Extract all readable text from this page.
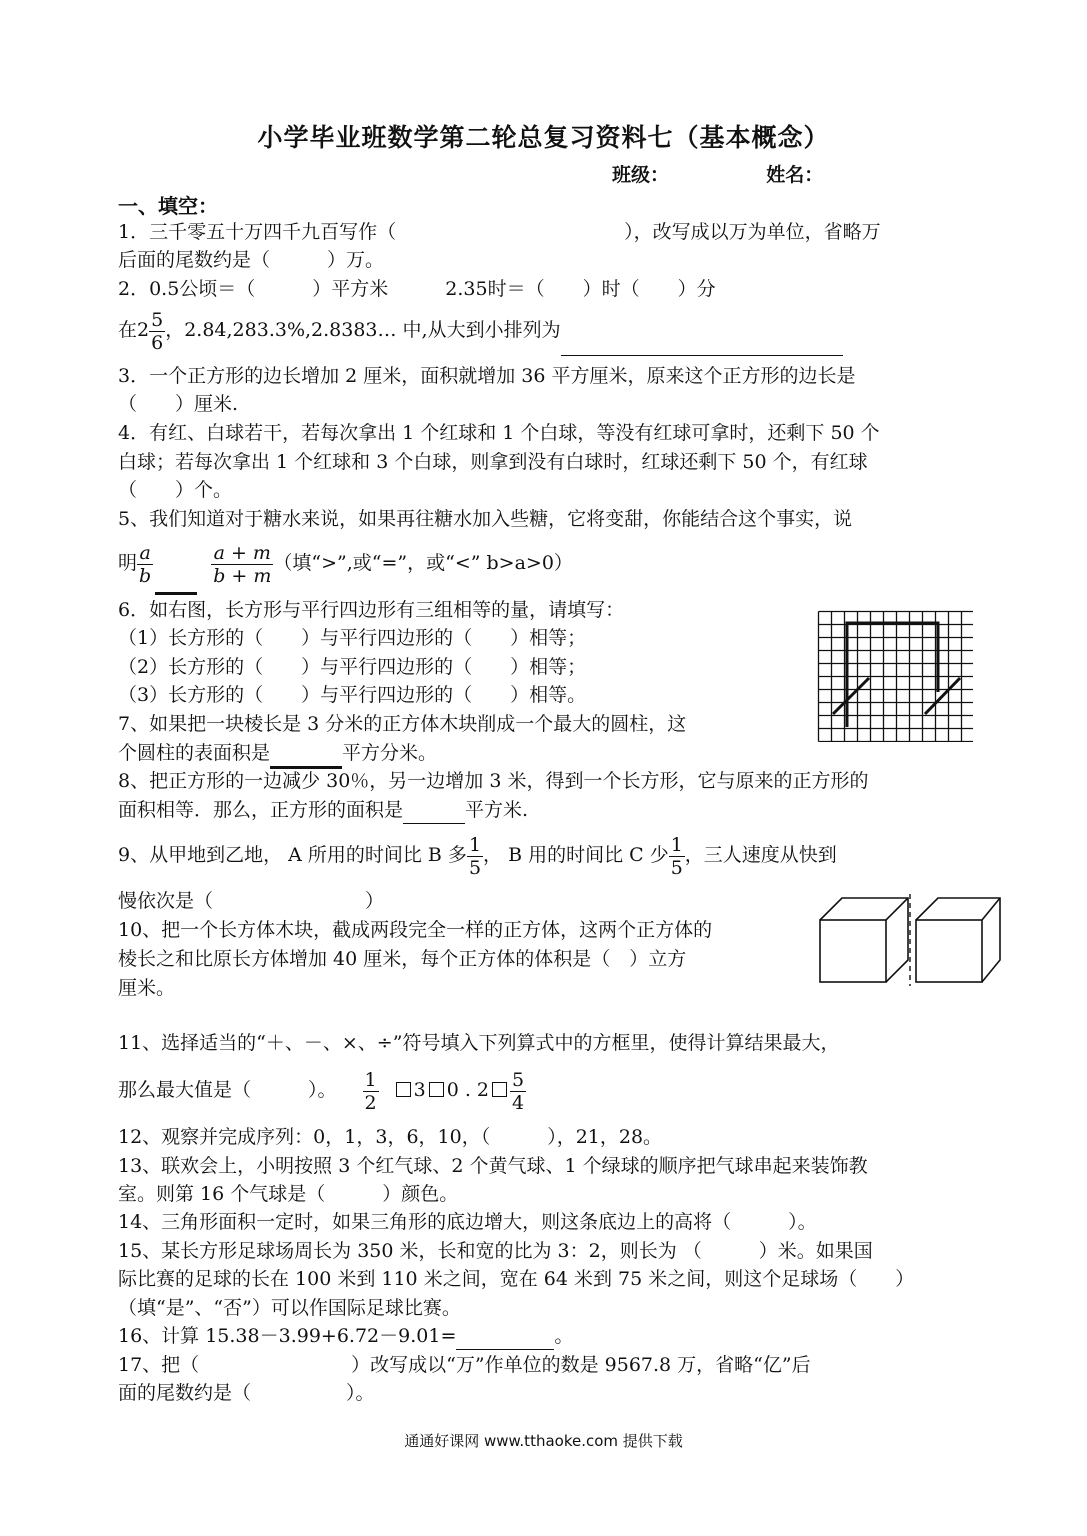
小学毕业班数学第二轮总复习资料七（基本概念）
班级：	姓名：
一、填空：
1．三千零五十万四千九百写作（　　　　　　　　　　　　），改写成以万为单位，省略万
后面的尾数约是（　　　）万。
2．0.5公顷＝（　　　）平方米　　　2.35时＝（　　）时（　　）分
在$2 \frac{5}{6}$ ，2.84,283.3%,2.8383… 中,从大到小排列为
3．一个正方形的边长增加 2 厘米，面积就增加 36 平方厘米，原来这个正方形的边长是
（　　）厘米.
4．有红、白球若干，若每次拿出 1 个红球和 1 个白球，等没有红球可拿时，还剩下 50 个
白球；若每次拿出 1 个红球和 3 个白球，则拿到没有白球时，红球还剩下 50 个，有红球
（　　）个。
5、我们知道对于糖水来说，如果再往糖水加入些糖，它将变甜，你能结合这个事实，说
明 $\frac{a}{b}$
	$\frac{a + m}{b + m}$ （填“>”,或“=”，或“<” b>a>0）
6．如右图，长方形与平行四边形有三组相等的量，请填写：
（1）长方形的（　　）与平行四边形的（　　）相等；
（2）长方形的（　　）与平行四边形的（　　）相等；
（3）长方形的（　　）与平行四边形的（　　）相等。
7、如果把一块棱长是 3 分米的正方体木块削成一个最大的圆柱，这
个圆柱的表面积是	平方分米。
8、把正方形的一边减少 30％，另一边增加 3 米，得到一个长方形，它与原来的正方形的
面积相等．那么，正方形的面积是	平方米.
9、从甲地到乙地， A 所用的时间比 B 多 $\frac{1}{5}$ ， B 用的时间比 C 少 $\frac{1}{5}$ ，三人速度从快到
慢依次是（　　　　　　　　）
10、把一个长方体木块，截成两段完全一样的正方体，这两个正方体的
棱长之和比原长方体增加 40 厘米，每个正方体的体积是（　）立方
厘米。
11、选择适当的“＋、－、×、÷”符号填入下列算式中的方框里，使得计算结果最大，
那么最大值是（　　　）。 $\frac{1}{2} 3$ 0 . $2 \frac{5}{4}$
12、观察并完成序列：0，1，3，6，10，（　　　），21，28。
13、联欢会上，小明按照 3 个红气球、2 个黄气球、1 个绿球的顺序把气球串起来装饰教
室。则第 16 个气球是（　　　）颜色。
14、三角形面积一定时，如果三角形的底边增大，则这条底边上的高将（　　　）。
15、某长方形足球场周长为 350 米，长和宽的比为 3：2，则长为 （　　　）米。如果国
际比赛的足球的长在 100 米到 110 米之间，宽在 64 米到 75 米之间，则这个足球场（　　）
（填“是”、“否”）可以作国际足球比赛。
16、计算 15.38－3.99+6.72－9.01=	。
17、把（　　　　　　　　）改写成以“万”作单位的数是 9567.8 万，省略“亿”后
面的尾数约是（　　　　　）。
通通好课网 www.tthaoke.com 提供下载
